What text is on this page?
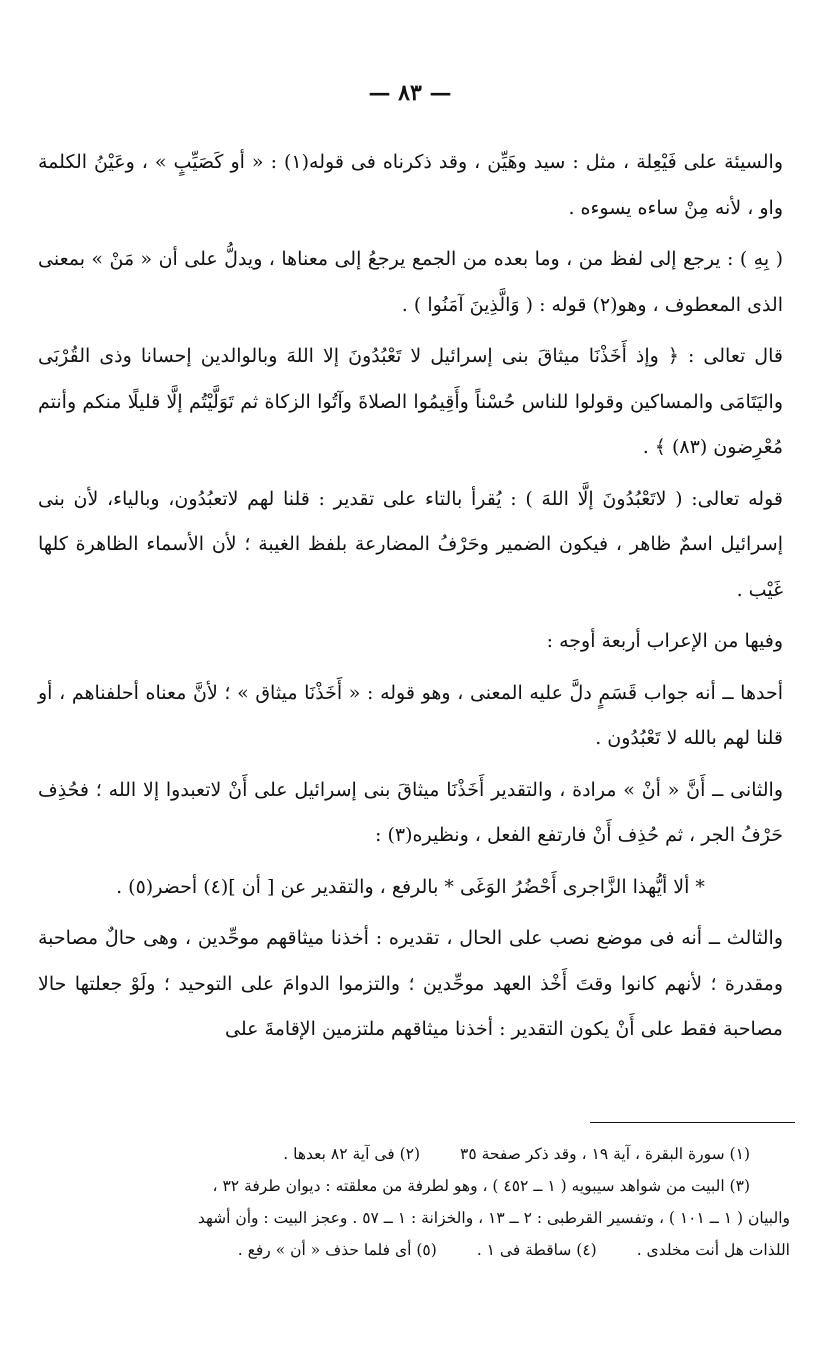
— ٨٣ —

والسيئة على فَيْعِلة ، مثل : سيد وهَيِّن ، وقد ذكرناه فى قوله(١) : « أو كَصَيِّبٍ » ، وعَيْنُ الكلمة واو ، لأنه مِنْ ساءه يسوءه .

( بِهِ ) : يرجع إلى لفظ من ، وما بعده من الجمع يرجعُ إلى معناها ، ويدلُّ على أن « مَنْ » بمعنى الذى المعطوف ، وهو(٢) قوله : ( وَالَّذِينَ آمَنُوا ) .

قال تعالى : ﴿ وإذ أَخَذْنَا ميثاقَ بنى إسرائيل لا تَعْبُدُونَ إلا اللهَ وبالوالدين إحسانا وذى القُرْبَى واليَتَامَى والمساكين وقولوا للناس حُسْناً وأَقِيمُوا الصلاةَ وآتُوا الزكاة ثم تَوَلَّيْتُم إلَّا قليلًا منكم وأنتم مُعْرِضون (٨٣) ﴾ .

قوله تعالى: ( لاتَعْبُدُونَ إلَّا اللهَ ) : يُقرأ بالتاء على تقدير : قلنا لهم لاتعبُدُون، وبالياء، لأن بنى إسرائيل اسمٌ ظاهر ، فيكون الضمير وحَرْفُ المضارعة بلفظ الغيبة ؛ لأن الأسماء الظاهرة كلها غَيْب .

وفيها من الإعراب أربعة أوجه :

أحدها ــ أنه جواب قَسَمٍ دلَّ عليه المعنى ، وهو قوله : « أَخَذْنَا ميثاق » ؛ لأنَّ معناه أحلفناهم ، أو قلنا لهم بالله لا تَعْبُدُون .

والثانى ــ أَنَّ « أنْ » مرادة ، والتقدير أَخَذْنَا ميثاقَ بنى إسرائيل على أَنْ لاتعبدوا إلا الله ؛ فحُذِف حَرْفُ الجر ، ثم حُذِف أَنْ فارتفع الفعل ، ونظيره(٣) :

* ألا أيُّهذا الزَّاجرى أَحْضُرُ الوَغَى * بالرفع ، والتقدير عن [ أن ](٤) أحضر(٥) .

والثالث ــ أنه فى موضع نصب على الحال ، تقديره : أخذنا ميثاقهم موحِّدين ، وهى حالٌ مصاحبة ومقدرة ؛ لأنهم كانوا وقتَ أَخْذ العهد موحِّدين ؛ والتزموا الدوامَ على التوحيد ؛ ولَوْ جعلتها حالا مصاحبة فقط على أَنْ يكون التقدير : أخذنا ميثاقهم ملتزمين الإقامةَ على

(١) سورة البقرة ، آية ١٩ ، وقد ذكر صفحة ٣٥
(٢) فى آية ٨٢ بعدها .
(٣) البيت من شواهد سيبويه ( ١ ــ ٤٥٢ ) ، وهو لطرفة من معلقته : ديوان طرفة ٣٢ ،
والبيان ( ١ ــ ١٠١ ) ، وتفسير القرطبى : ٢ ــ ١٣ ، والخزانة : ١ ــ ٥٧ . وعجز البيت : وأن أشهد
اللذات هل أنت مخلدى .
(٤) ساقطة فى ١ .
(٥) أى فلما حذف « أن » رفع .
